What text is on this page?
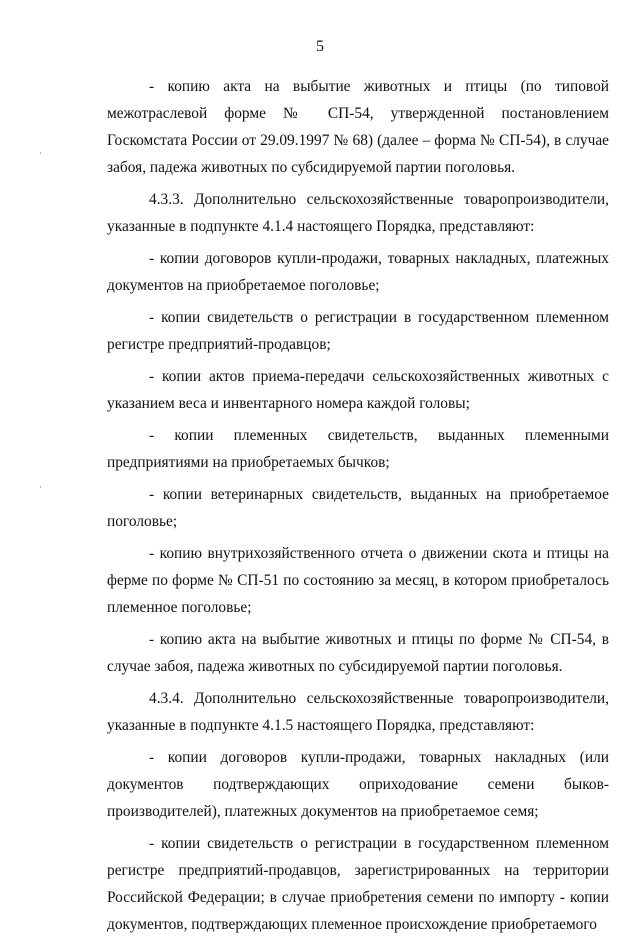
5

- копию акта на выбытие животных и птицы (по типовой межотраслевой форме № СП-54, утвержденной постановлением Госкомстата России от 29.09.1997 № 68) (далее – форма № СП-54), в случае забоя, падежа животных по субсидируемой партии поголовья.

4.3.3. Дополнительно сельскохозяйственные товаропроизводители, указанные в подпункте 4.1.4 настоящего Порядка, представляют:

- копии договоров купли-продажи, товарных накладных, платежных документов на приобретаемое поголовье;

- копии свидетельств о регистрации в государственном племенном регистре предприятий-продавцов;

- копии актов приема-передачи сельскохозяйственных животных с указанием веса и инвентарного номера каждой головы;

- копии племенных свидетельств, выданных племенными предприятиями на приобретаемых бычков;

- копии ветеринарных свидетельств, выданных на приобретаемое поголовье;

- копию внутрихозяйственного отчета о движении скота и птицы на ферме по форме № СП-51 по состоянию за месяц, в котором приобреталось племенное поголовье;

- копию акта на выбытие животных и птицы по форме № СП-54, в случае забоя, падежа животных по субсидируемой партии поголовья.

4.3.4. Дополнительно сельскохозяйственные товаропроизводители, указанные в подпункте 4.1.5 настоящего Порядка, представляют:

- копии договоров купли-продажи, товарных накладных (или документов подтверждающих оприходование семени быков-производителей), платежных документов на приобретаемое семя;

- копии свидетельств о регистрации в государственном племенном регистре предприятий-продавцов, зарегистрированных на территории Российской Федерации; в случае приобретения семени по импорту - копии документов, подтверждающих племенное происхождение приобретаемого
